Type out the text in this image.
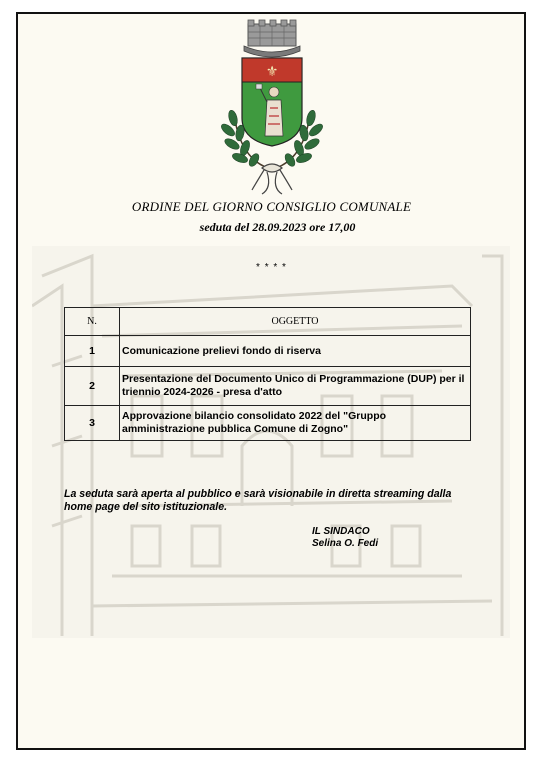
⚜
ORDINE DEL GIORNO CONSIGLIO COMUNALE
seduta del 28.09.2023 ore 17,00
* * * *
N.	OGGETTO
1	Comunicazione prelievi fondo di riserva
2	Presentazione del Documento Unico di Programmazione (DUP) per il triennio 2024-2026 - presa d'atto
3	Approvazione bilancio consolidato 2022 del "Gruppo amministrazione pubblica Comune di Zogno"
La seduta sarà aperta al pubblico e sarà visionabile in diretta streaming dalla home page del sito istituzionale.
IL SINDACO
Selina O. Fedi
